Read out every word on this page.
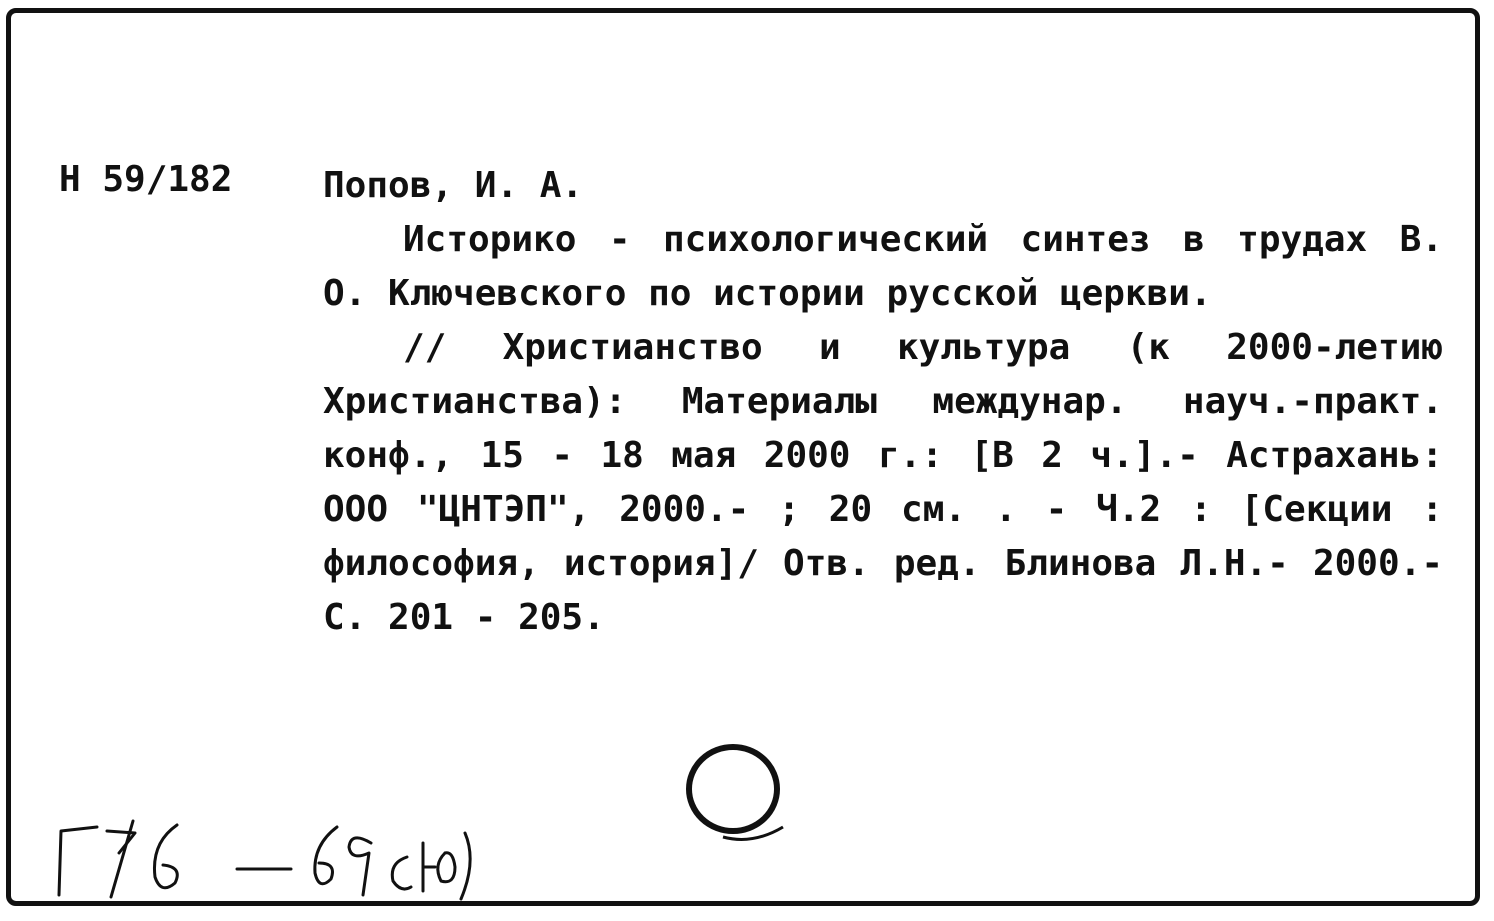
Н 59/182	Попов, И. А.

Историко - психологический синтез в трудах В. О. Ключевского по истории русской церкви.

// Христианство и культура (к 2000-летию Христианства): Материалы междунар. науч.-практ. конф., 15 - 18 мая 2000 г.: [В 2 ч.].- Астрахань: ООО "ЦНТЭП", 2000.- ; 20 см. . - Ч.2 : [Секции : философия, история]/ Отв. ред. Блинова Л.Н.- 2000.-С. 201 - 205.
